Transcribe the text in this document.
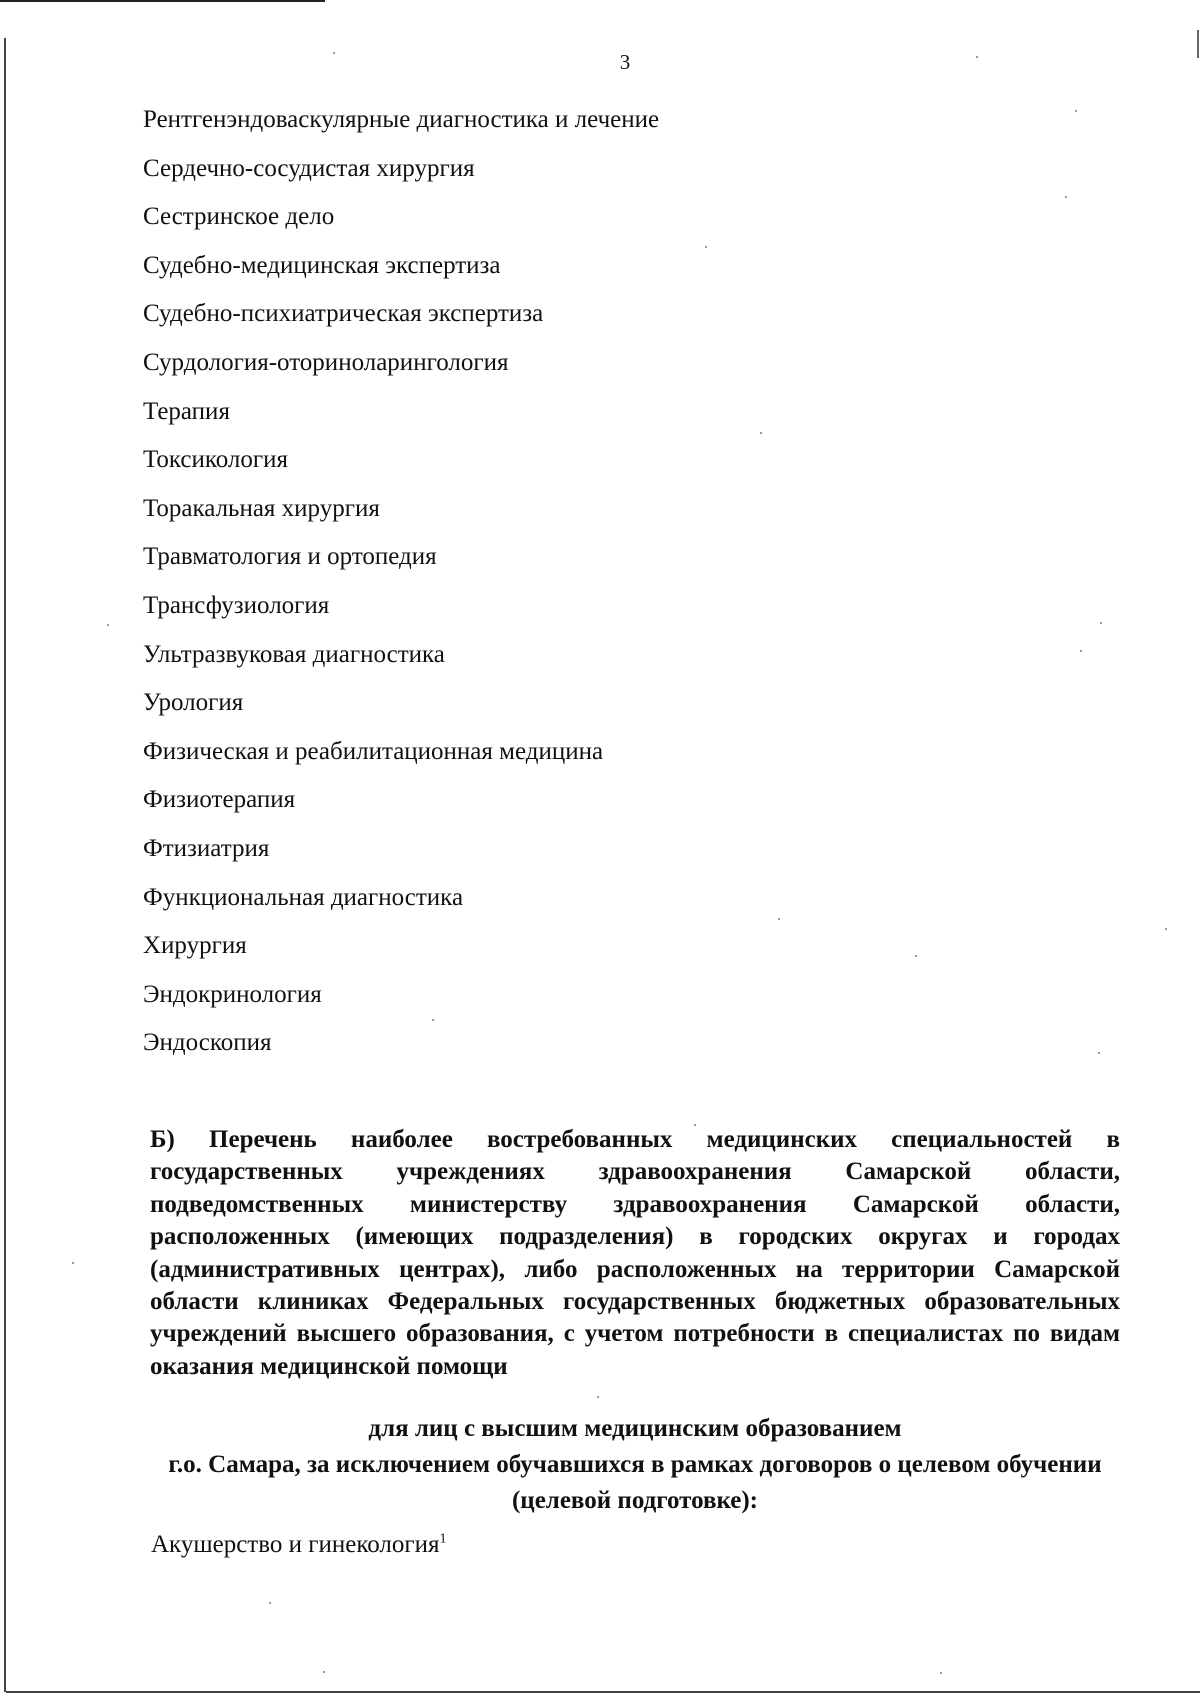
3
Рентгенэндоваскулярные диагностика и лечение
Сердечно-сосудистая хирургия
Сестринское дело
Судебно-медицинская экспертиза
Судебно-психиатрическая экспертиза
Сурдология-оториноларингология
Терапия
Токсикология
Торакальная хирургия
Травматология и ортопедия
Трансфузиология
Ультразвуковая диагностика
Урология
Физическая и реабилитационная медицина
Физиотерапия
Фтизиатрия
Функциональная диагностика
Хирургия
Эндокринология
Эндоскопия

Б) Перечень наиболее востребованных медицинских специальностей в государственных учреждениях здравоохранения Самарской области, подведомственных министерству здравоохранения Самарской области, расположенных (имеющих подразделения) в городских округах и городах (административных центрах), либо расположенных на территории Самарской области клиниках Федеральных государственных бюджетных образовательных учреждений высшего образования, с учетом потребности в специалистах по видам оказания медицинской помощи

для лиц с высшим медицинским образованием
г.о. Самара, за исключением обучавшихся в рамках договоров о целевом обучении (целевой подготовке):
Акушерство и гинекология$^1$
